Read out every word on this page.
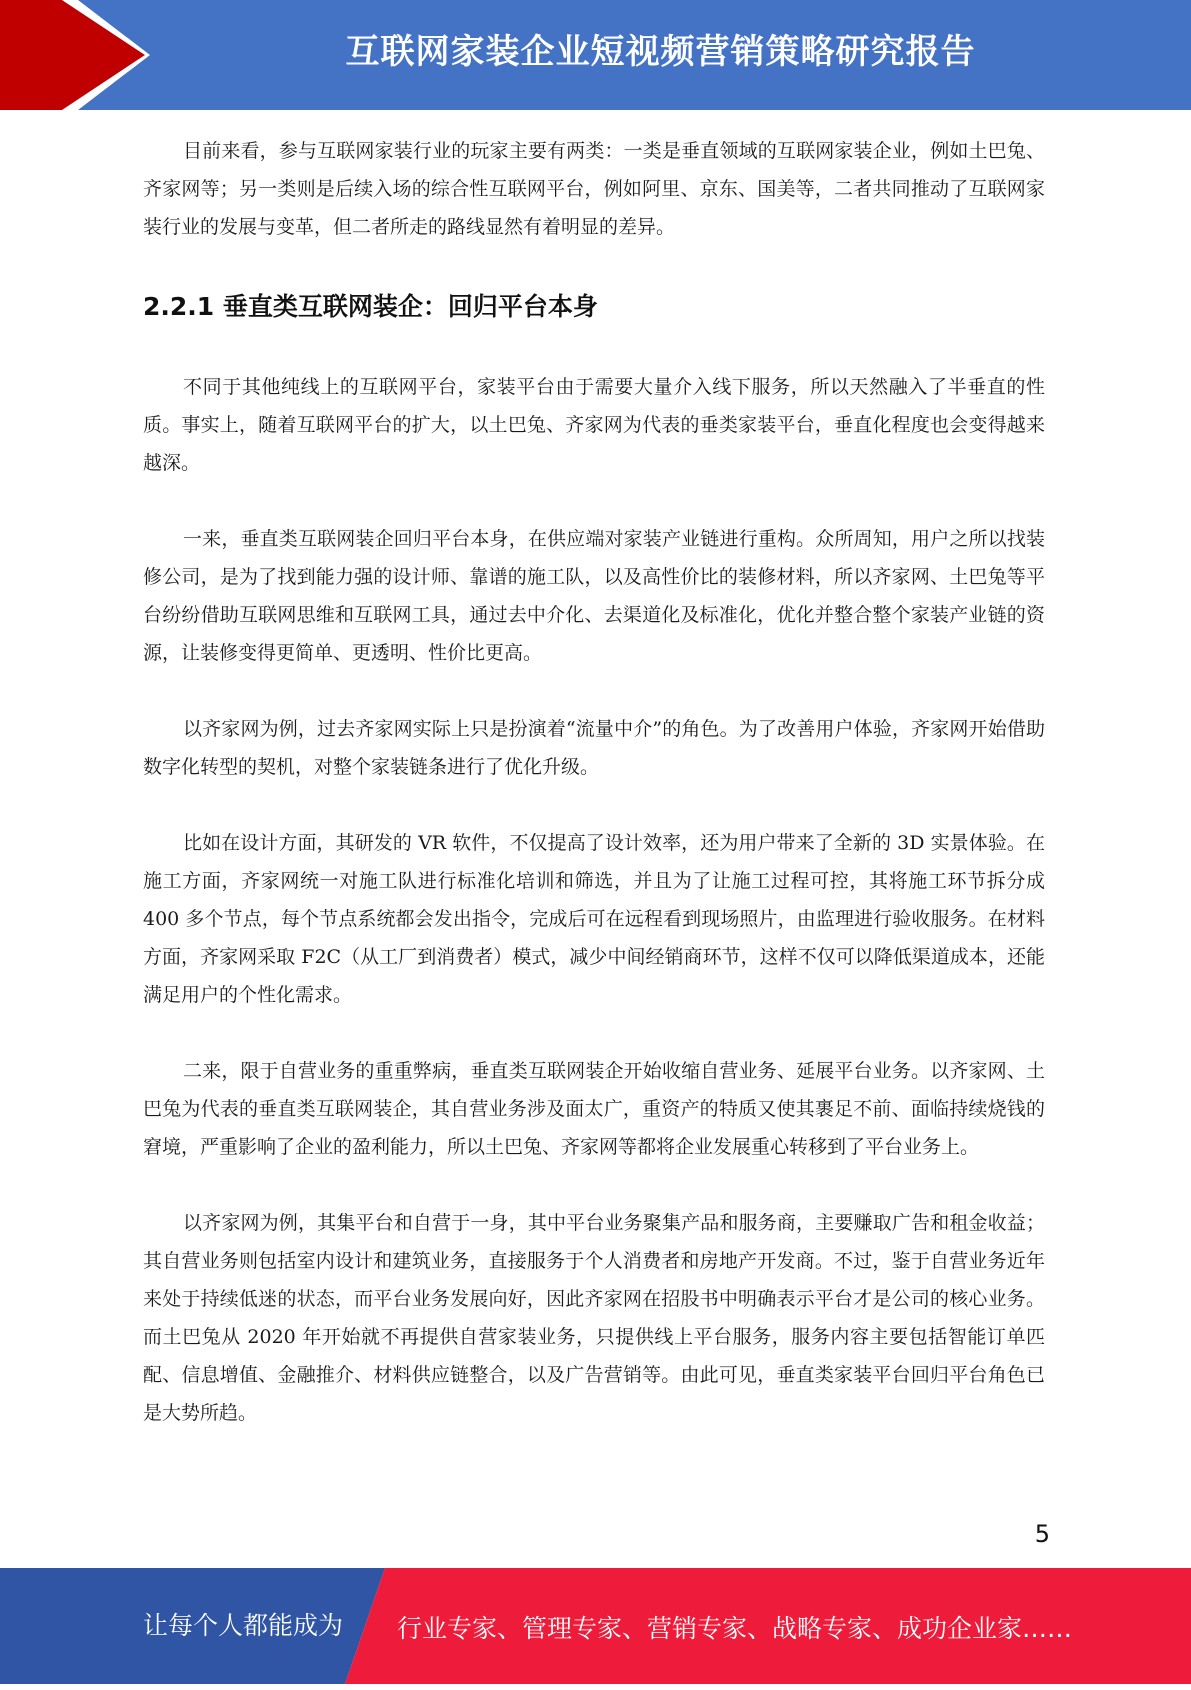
互联网家装企业短视频营销策略研究报告

目前来看，参与互联网家装行业的玩家主要有两类：一类是垂直领域的互联网家装企业，例如土巴兔、齐家网等；另一类则是后续入场的综合性互联网平台，例如阿里、京东、国美等，二者共同推动了互联网家装行业的发展与变革，但二者所走的路线显然有着明显的差异。

2.2.1 垂直类互联网装企：回归平台本身

不同于其他纯线上的互联网平台，家装平台由于需要大量介入线下服务，所以天然融入了半垂直的性质。事实上，随着互联网平台的扩大，以土巴兔、齐家网为代表的垂类家装平台，垂直化程度也会变得越来越深。

一来，垂直类互联网装企回归平台本身，在供应端对家装产业链进行重构。众所周知，用户之所以找装修公司，是为了找到能力强的设计师、靠谱的施工队，以及高性价比的装修材料，所以齐家网、土巴兔等平台纷纷借助互联网思维和互联网工具，通过去中介化、去渠道化及标准化，优化并整合整个家装产业链的资源，让装修变得更简单、更透明、性价比更高。

以齐家网为例，过去齐家网实际上只是扮演着“流量中介”的角色。为了改善用户体验，齐家网开始借助数字化转型的契机，对整个家装链条进行了优化升级。

比如在设计方面，其研发的 VR 软件，不仅提高了设计效率，还为用户带来了全新的 3D 实景体验。在施工方面，齐家网统一对施工队进行标准化培训和筛选，并且为了让施工过程可控，其将施工环节拆分成 400 多个节点，每个节点系统都会发出指令，完成后可在远程看到现场照片，由监理进行验收服务。在材料方面，齐家网采取 F2C（从工厂到消费者）模式，减少中间经销商环节，这样不仅可以降低渠道成本，还能满足用户的个性化需求。

二来，限于自营业务的重重弊病，垂直类互联网装企开始收缩自营业务、延展平台业务。以齐家网、土巴兔为代表的垂直类互联网装企，其自营业务涉及面太广，重资产的特质又使其裹足不前、面临持续烧钱的窘境，严重影响了企业的盈利能力，所以土巴兔、齐家网等都将企业发展重心转移到了平台业务上。

以齐家网为例，其集平台和自营于一身，其中平台业务聚集产品和服务商，主要赚取广告和租金收益；其自营业务则包括室内设计和建筑业务，直接服务于个人消费者和房地产开发商。不过，鉴于自营业务近年来处于持续低迷的状态，而平台业务发展向好，因此齐家网在招股书中明确表示平台才是公司的核心业务。而土巴兔从 2020 年开始就不再提供自营家装业务，只提供线上平台服务，服务内容主要包括智能订单匹配、信息增值、金融推介、材料供应链整合，以及广告营销等。由此可见，垂直类家装平台回归平台角色已是大势所趋。

5
让每个人都能成为 行业专家、管理专家、营销专家、战略专家、成功企业家……
